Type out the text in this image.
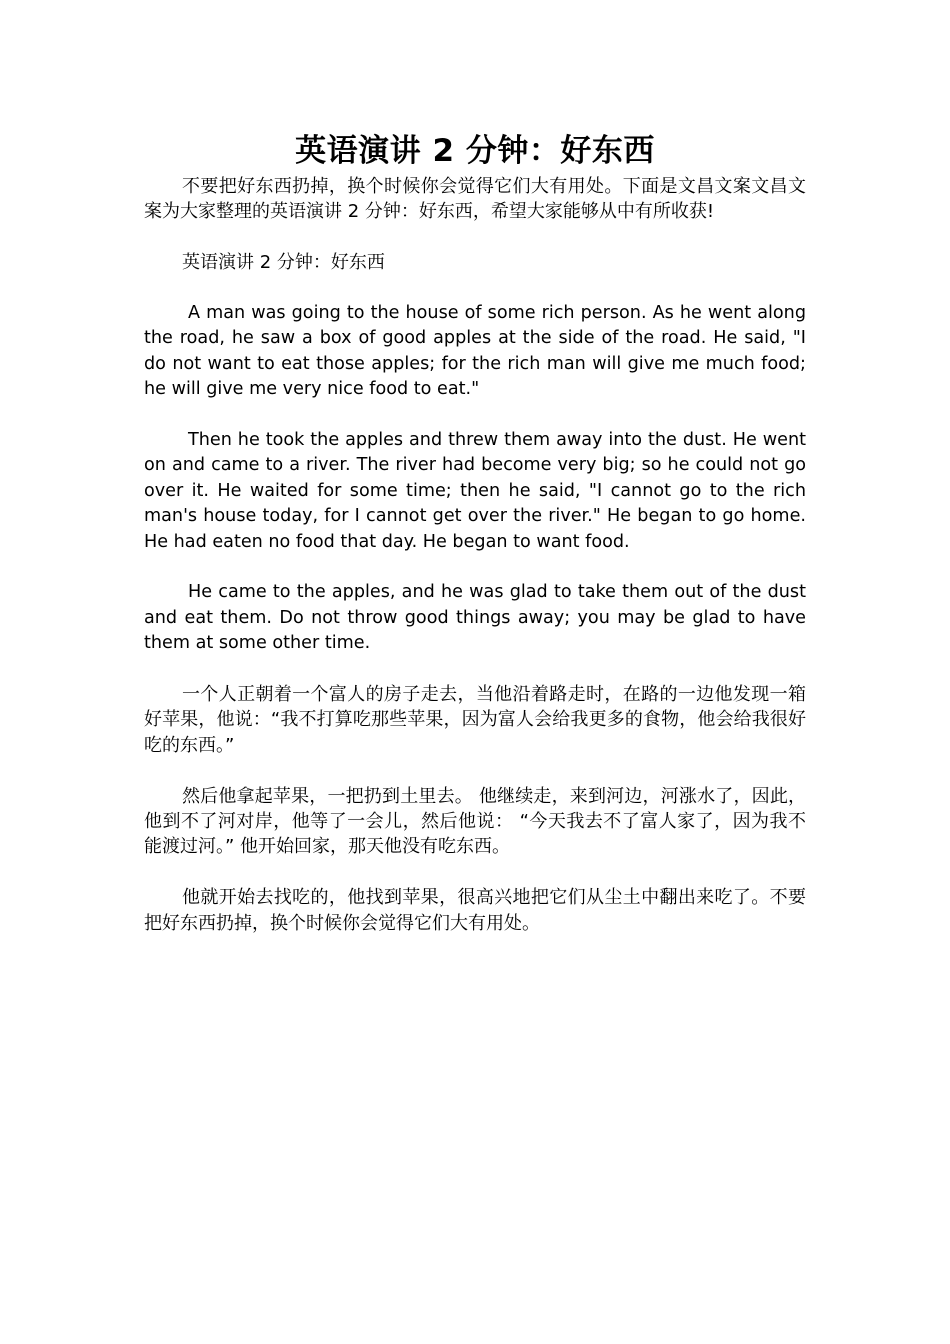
英语演讲 2 分钟：好东西

不要把好东西扔掉，换个时候你会觉得它们大有用处。下面是文昌文案文昌文案为大家整理的英语演讲 2 分钟：好东西，希望大家能够从中有所收获!

英语演讲 2 分钟：好东西

A man was going to the house of some rich person. As he went along the road, he saw a box of good apples at the side of the road. He said, "I do not want to eat those apples; for the rich man will give me much food; he will give me very nice food to eat."

Then he took the apples and threw them away into the dust. He went on and came to a river. The river had become very big; so he could not go over it. He waited for some time; then he said, "I cannot go to the rich man's house today, for I cannot get over the river." He began to go home. He had eaten no food that day. He began to want food.

He came to the apples, and he was glad to take them out of the dust and eat them. Do not throw good things away; you may be glad to have them at some other time.

一个人正朝着一个富人的房子走去，当他沿着路走时，在路的一边他发现一箱好苹果，他说：“我不打算吃那些苹果，因为富人会给我更多的食物，他会给我很好吃的东西。”

然后他拿起苹果，一把扔到土里去。 他继续走，来到河边，河涨水了，因此，他到不了河对岸，他等了一会儿，然后他说： “今天我去不了富人家了，因为我不能渡过河。” 他开始回家，那天他没有吃东西。

他就开始去找吃的，他找到苹果，很高兴地把它们从尘土中翻出来吃了。不要把好东西扔掉，换个时候你会觉得它们大有用处。
